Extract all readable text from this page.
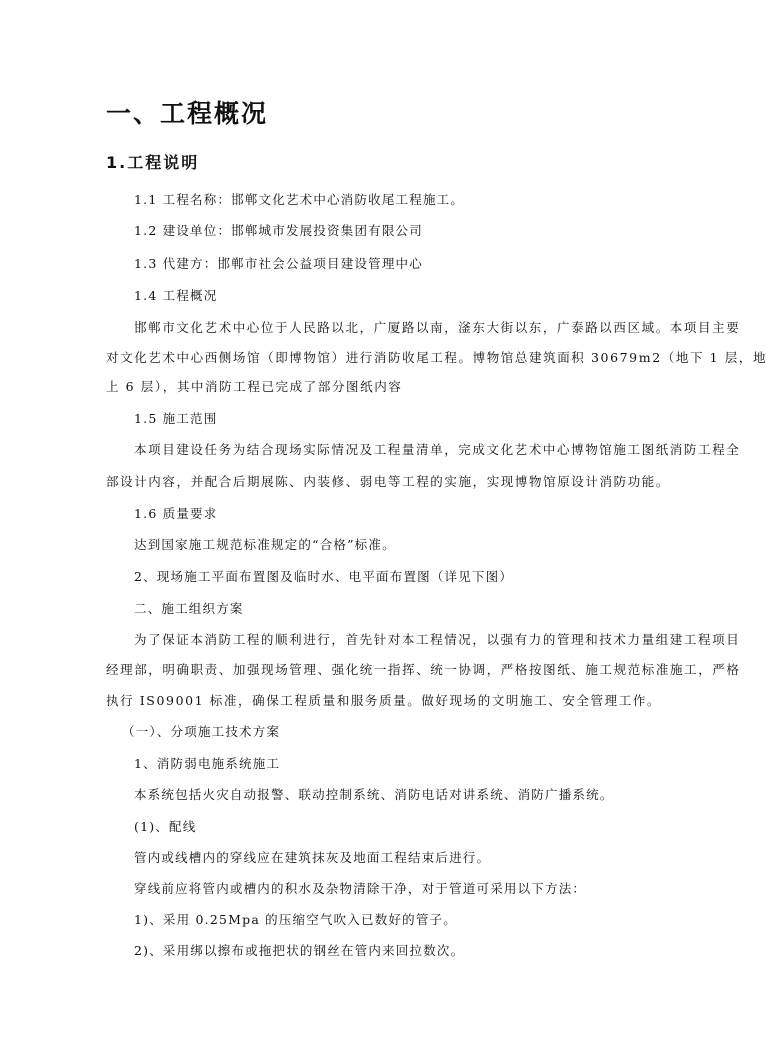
一、工程概况
1.工程说明
1.1 工程名称：邯郸文化艺术中心消防收尾工程施工。
1.2 建设单位：邯郸城市发展投资集团有限公司
1.3 代建方：邯郸市社会公益项目建设管理中心
1.4 工程概况
邯郸市文化艺术中心位于人民路以北，广厦路以南，滏东大街以东，广泰路以西区域。本项目主要
对文化艺术中心西侧场馆（即博物馆）进行消防收尾工程。博物馆总建筑面积 30679m2（地下 1 层，地
上 6 层），其中消防工程已完成了部分图纸内容
1.5 施工范围
本项目建设任务为结合现场实际情况及工程量清单，完成文化艺术中心博物馆施工图纸消防工程全
部设计内容，并配合后期展陈、内装修、弱电等工程的实施，实现博物馆原设计消防功能。
1.6 质量要求
达到国家施工规范标准规定的“合格”标准。
2、现场施工平面布置图及临时水、电平面布置图（详见下图）
二、施工组织方案
为了保证本消防工程的顺利进行，首先针对本工程情况，以强有力的管理和技术力量组建工程项目
经理部，明确职责、加强现场管理、强化统一指挥、统一协调，严格按图纸、施工规范标准施工，严格
执行 IS09001 标准，确保工程质量和服务质量。做好现场的文明施工、安全管理工作。
（一）、分项施工技术方案
1、消防弱电施系统施工
本系统包括火灾自动报警、联动控制系统、消防电话对讲系统、消防广播系统。
(1)、配线
管内或线槽内的穿线应在建筑抹灰及地面工程结束后进行。
穿线前应将管内或槽内的积水及杂物清除干净，对于管道可采用以下方法：
1)、采用 0.25Mpa 的压缩空气吹入已数好的管子。
2)、采用绑以擦布或拖把状的钢丝在管内来回拉数次。
